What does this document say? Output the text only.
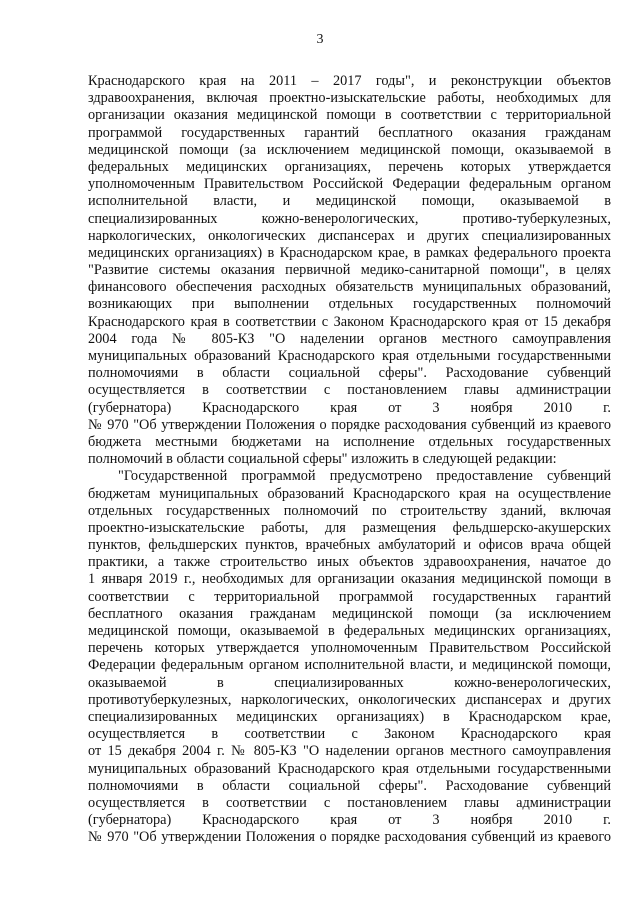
3
Краснодарского края на 2011 – 2017 годы", и реконструкции объектов
здравоохранения, включая проектно-изыскательские работы, необходимых для
организации оказания медицинской помощи в соответствии с территориальной
программой государственных гарантий бесплатного оказания гражданам
медицинской помощи (за исключением медицинской помощи, оказываемой в
федеральных медицинских организациях, перечень которых утверждается
уполномоченным Правительством Российской Федерации федеральным органом
исполнительной власти, и медицинской помощи, оказываемой в
специализированных кожно-венерологических, противо-туберкулезных,
наркологических, онкологических диспансерах и других специализированных
медицинских организациях) в Краснодарском крае, в рамках федерального проекта
"Развитие системы оказания первичной медико-санитарной помощи", в целях
финансового обеспечения расходных обязательств муниципальных образований,
возникающих при выполнении отдельных государственных полномочий
Краснодарского края в соответствии с Законом Краснодарского края от 15 декабря
2004 года № 805-КЗ "О наделении органов местного самоуправления
муниципальных образований Краснодарского края отдельными государственными
полномочиями в области социальной сферы". Расходование субвенций
осуществляется в соответствии с постановлением главы администрации
(губернатора) Краснодарского края от 3 ноября 2010 г.
№ 970 "Об утверждении Положения о порядке расходования субвенций из краевого
бюджета местными бюджетами на исполнение отдельных государственных
полномочий в области социальной сферы" изложить в следующей редакции:
"Государственной программой предусмотрено предоставление субвенций
бюджетам муниципальных образований Краснодарского края на осуществление
отдельных государственных полномочий по строительству зданий, включая
проектно-изыскательские работы, для размещения фельдшерско-акушерских
пунктов, фельдшерских пунктов, врачебных амбулаторий и офисов врача общей
практики, а также строительство иных объектов здравоохранения, начатое до
1 января 2019 г., необходимых для организации оказания медицинской помощи в
соответствии с территориальной программой государственных гарантий
бесплатного оказания гражданам медицинской помощи (за исключением
медицинской помощи, оказываемой в федеральных медицинских организациях,
перечень которых утверждается уполномоченным Правительством Российской
Федерации федеральным органом исполнительной власти, и медицинской помощи,
оказываемой в специализированных кожно-венерологических,
противотуберкулезных, наркологических, онкологических диспансерах и других
специализированных медицинских организациях) в Краснодарском крае,
осуществляется в соответствии с Законом Краснодарского края
от 15 декабря 2004 г. № 805-КЗ "О наделении органов местного самоуправления
муниципальных образований Краснодарского края отдельными государственными
полномочиями в области социальной сферы". Расходование субвенций
осуществляется в соответствии с постановлением главы администрации
(губернатора) Краснодарского края от 3 ноября 2010 г.
№ 970 "Об утверждении Положения о порядке расходования субвенций из краевого
